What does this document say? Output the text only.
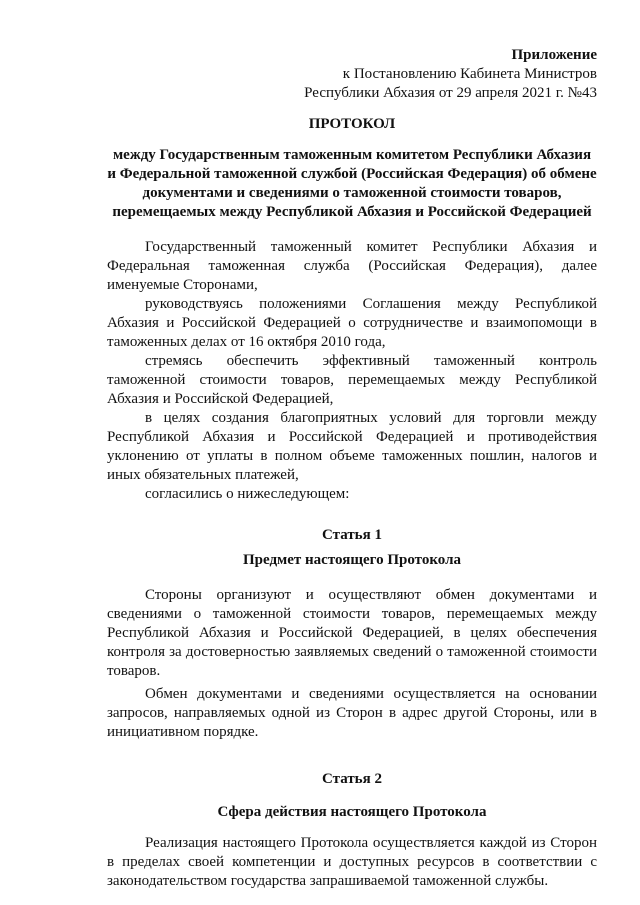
Приложение
к Постановлению Кабинета Министров
Республики Абхазия от 29 апреля 2021 г. №43
ПРОТОКОЛ
между Государственным таможенным комитетом Республики Абхазия и Федеральной таможенной службой (Российская Федерация) об обмене документами и сведениями о таможенной стоимости товаров, перемещаемых между Республикой Абхазия и Российской Федерацией

Государственный таможенный комитет Республики Абхазия и Федеральная таможенная служба (Российская Федерация), далее именуемые Сторонами,

руководствуясь положениями Соглашения между Республикой Абхазия и Российской Федерацией о сотрудничестве и взаимопомощи в таможенных делах от 16 октября 2010 года,

стремясь обеспечить эффективный таможенный контроль таможенной стоимости товаров, перемещаемых между Республикой Абхазия и Российской Федерацией,

в целях создания благоприятных условий для торговли между Республикой Абхазия и Российской Федерацией и противодействия уклонению от уплаты в полном объеме таможенных пошлин, налогов и иных обязательных платежей,

согласились о нижеследующем:

Статья 1
Предмет настоящего Протокола

Стороны организуют и осуществляют обмен документами и сведениями о таможенной стоимости товаров, перемещаемых между Республикой Абхазия и Российской Федерацией, в целях обеспечения контроля за достоверностью заявляемых сведений о таможенной стоимости товаров.

Обмен документами и сведениями осуществляется на основании запросов, направляемых одной из Сторон в адрес другой Стороны, или в инициативном порядке.

Статья 2
Сфера действия настоящего Протокола

Реализация настоящего Протокола осуществляется каждой из Сторон в пределах своей компетенции и доступных ресурсов в соответствии с законодательством государства запрашиваемой таможенной службы.
